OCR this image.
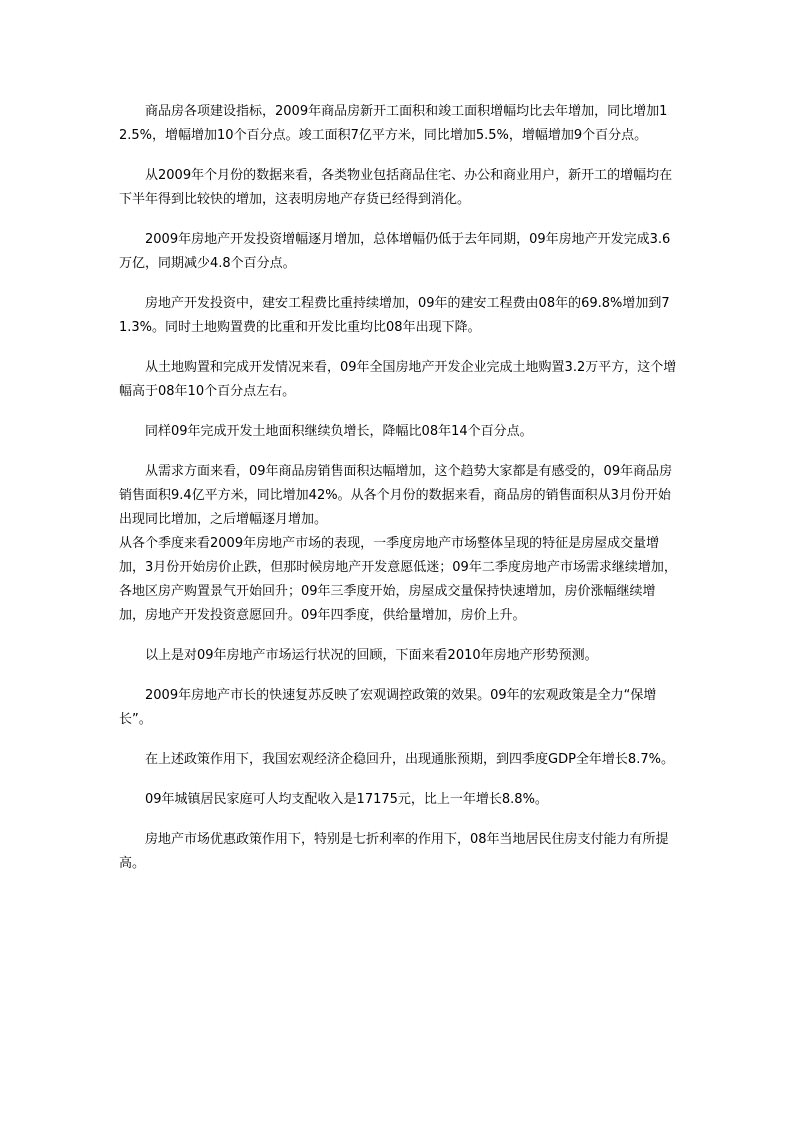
商品房各项建设指标，2009年商品房新开工面积和竣工面积增幅均比去年增加，同比增加12.5%，增幅增加10个百分点。竣工面积7亿平方米，同比增加5.5%，增幅增加9个百分点。

从2009年个月份的数据来看，各类物业包括商品住宅、办公和商业用户，新开工的增幅均在下半年得到比较快的增加，这表明房地产存货已经得到消化。

2009年房地产开发投资增幅逐月增加，总体增幅仍低于去年同期，09年房地产开发完成3.6万亿，同期减少4.8个百分点。

房地产开发投资中，建安工程费比重持续增加，09年的建安工程费由08年的69.8%增加到71.3%。同时土地购置费的比重和开发比重均比08年出现下降。

从土地购置和完成开发情况来看，09年全国房地产开发企业完成土地购置3.2万平方，这个增幅高于08年10个百分点左右。

同样09年完成开发土地面积继续负增长，降幅比08年14个百分点。

从需求方面来看，09年商品房销售面积达幅增加，这个趋势大家都是有感受的，09年商品房销售面积9.4亿平方米，同比增加42%。从各个月份的数据来看，商品房的销售面积从3月份开始出现同比增加，之后增幅逐月增加。

从各个季度来看2009年房地产市场的表现，一季度房地产市场整体呈现的特征是房屋成交量增加，3月份开始房价止跌，但那时候房地产开发意愿低迷；09年二季度房地产市场需求继续增加，各地区房产购置景气开始回升；09年三季度开始，房屋成交量保持快速增加，房价涨幅继续增加，房地产开发投资意愿回升。09年四季度，供给量增加，房价上升。

以上是对09年房地产市场运行状况的回顾，下面来看2010年房地产形势预测。

2009年房地产市长的快速复苏反映了宏观调控政策的效果。09年的宏观政策是全力“保增长”。

在上述政策作用下，我国宏观经济企稳回升，出现通胀预期，到四季度GDP全年增长8.7%。

09年城镇居民家庭可人均支配收入是17175元，比上一年增长8.8%。

房地产市场优惠政策作用下，特别是七折利率的作用下，08年当地居民住房支付能力有所提高。
